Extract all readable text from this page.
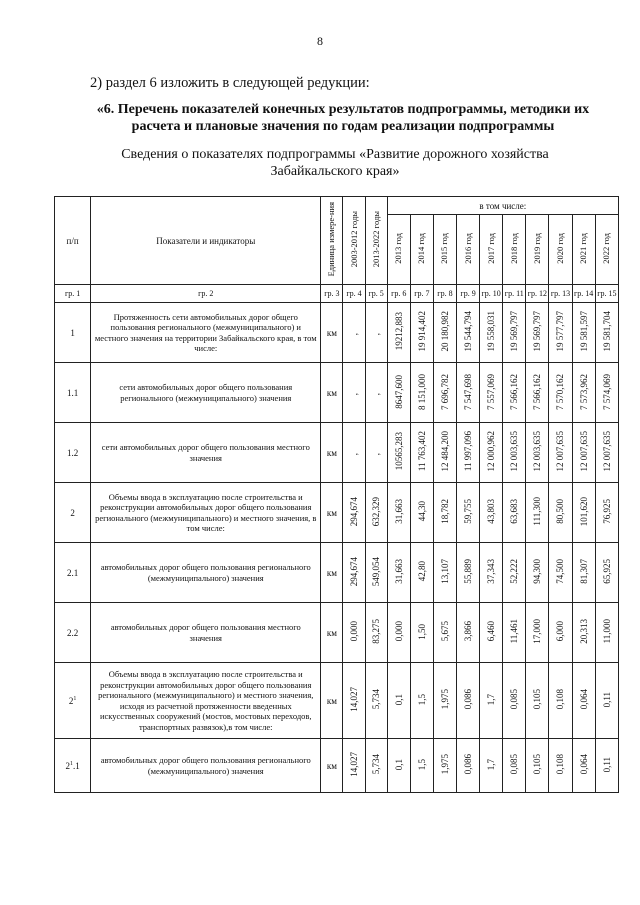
8
2) раздел 6 изложить в следующей редукции:
«6. Перечень показателей конечных результатов подпрограммы, методики их расчета и плановые значения по годам реализации подпрограммы
Сведения о показателях подпрограммы «Развитие дорожного хозяйства Забайкальского края»
п/п	Показатели и индикаторы	Единица измере-ния	2003-2012 годы	2013-2022 годы	в том числе:									
					2013 год	2014 год	2015 год	2016 год	2017 год	2018 год	2019 год	2020 год	2021 год	2022 год
гр. 1	гр. 2	гр. 3	гр. 4	гр. 5	гр. 6	гр. 7	гр. 8	гр. 9	гр. 10	гр. 11	гр. 12	гр. 13	гр. 14	гр. 15
1	Протяженность сети автомобильных дорог общего пользования регионального (межмуниципального) и местного значения на территории Забайкальского края, в том числе:	км	,	,	19212,883	19 914,402	20 180,982	19 544,794	19 558,031	19 569,797	19 569,797	19 577,797	19 581,597	19 581,704
1.1	сети автомобильных дорог общего пользования регионального (межмуниципального) значения	км	,	,	8647,600	8 151,000	7 696,782	7 547,698	7 557,069	7 566,162	7 566,162	7 570,162	7 573,962	7 574,069
1.2	сети автомобильных дорог общего пользования местного значения	км	,	,	10565,283	11 763,402	12 484,200	11 997,096	12 000,962	12 003,635	12 003,635	12 007,635	12 007,635	12 007,635
2	Объемы ввода в эксплуатацию после строительства и реконструкции автомобильных дорог общего пользования регионального (межмуниципального) и местного значения, в том числе:	км	294,674	632,329	31,663	44,30	18,782	59,755	43,803	63,683	111,300	80,500	101,620	76,925
2.1	автомобильных дорог общего пользования регионального (межмуниципального) значения	км	294,674	549,054	31,663	42,80	13,107	55,889	37,343	52,222	94,300	74,500	81,307	65,925
2.2	автомобильных дорог общего пользования местного значения	км	0,000	83,275	0,000	1,50	5,675	3,866	6,460	11,461	17,000	6,000	20,313	11,000
$2^1$	Объемы ввода в эксплуатацию после строительства и реконструкции автомобильных дорог общего пользования регионального (межмуниципального) и местного значения, исходя из расчетной протяженности введенных искусственных сооружений (мостов, мостовых переходов, транспортных развязок),в том числе:	км	14,027	5,734	0,1	1,5	1,975	0,086	1,7	0,085	0,105	0,108	0,064	0,11
$2^1.1$	автомобильных дорог общего пользования регионального (межмуниципального) значения	км	14,027	5,734	0,1	1,5	1,975	0,086	1,7	0,085	0,105	0,108	0,064	0,11
